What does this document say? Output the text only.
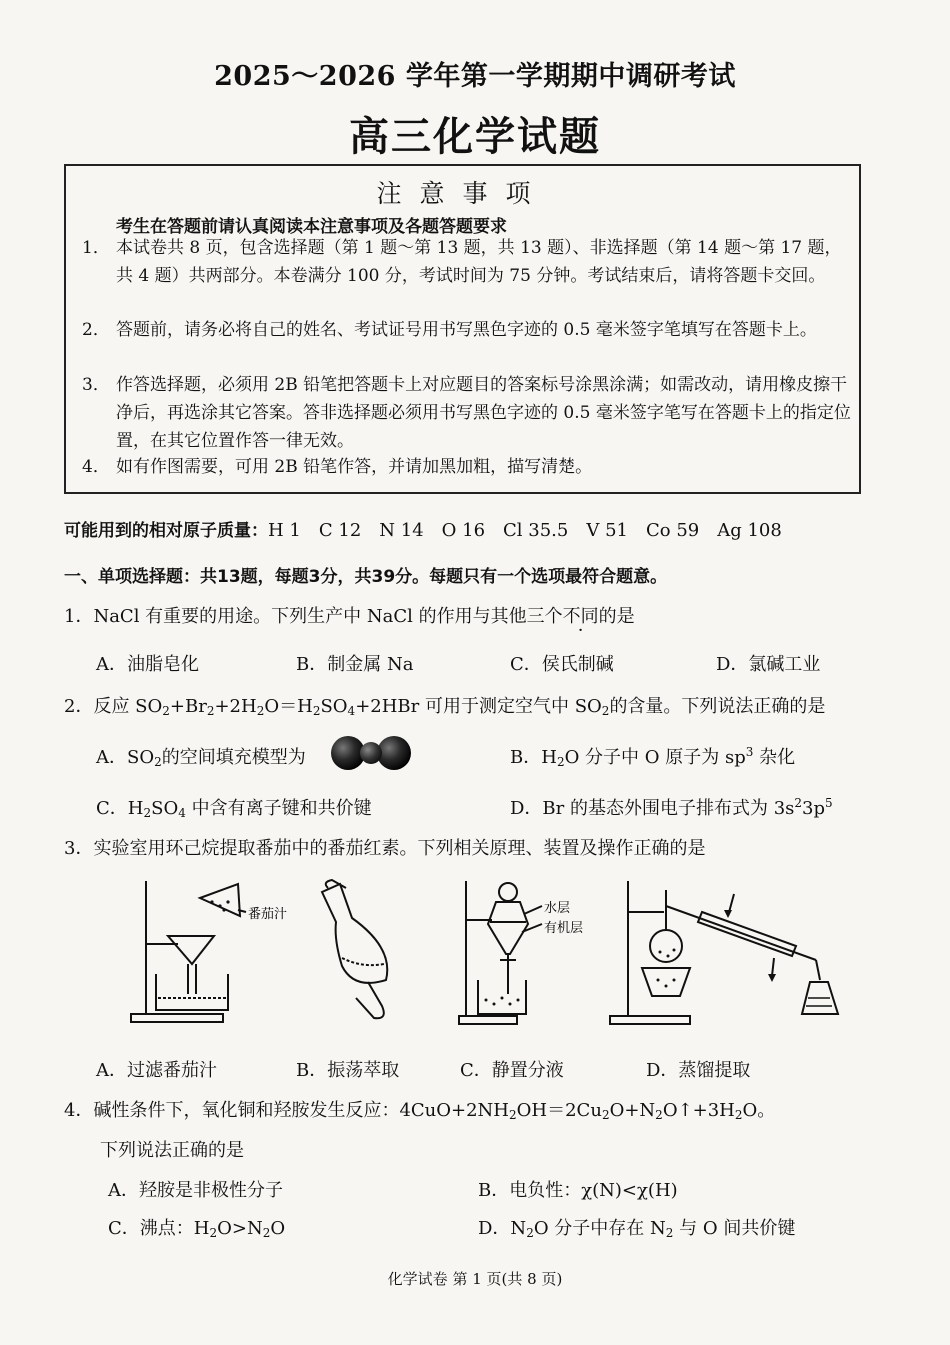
2025～2026 学年第一学期期中调研考试
高三化学试题
注意事项
考生在答题前请认真阅读本注意事项及各题答题要求
1． 本试卷共 8 页，包含选择题（第 1 题～第 13 题，共 13 题）、非选择题（第 14 题～第 17 题，共 4 题）共两部分。本卷满分 100 分，考试时间为 75 分钟。考试结束后，请将答题卡交回。
2． 答题前，请务必将自己的姓名、考试证号用书写黑色字迹的 0.5 毫米签字笔填写在答题卡上。
3． 作答选择题，必须用 2B 铅笔把答题卡上对应题目的答案标号涂黑涂满；如需改动，请用橡皮擦干净后，再选涂其它答案。答非选择题必须用书写黑色字迹的 0.5 毫米签字笔写在答题卡上的指定位置，在其它位置作答一律无效。
4． 如有作图需要，可用 2B 铅笔作答，并请加黑加粗，描写清楚。
可能用到的相对原子质量：H 1　C 12　N 14　O 16　Cl 35.5　V 51　Co 59　Ag 108
一、单项选择题：共13题，每题3分，共39分。每题只有一个选项最符合题意。
1．NaCl 有重要的用途。下列生产中 NaCl 的作用与其他三个不同的是
A．油脂皂化	B．制金属 Na	C．侯氏制碱	D．氯碱工业
2．反应 $SO_2+Br_2+2H_2O=H_2SO_4+2HBr$ 可用于测定空气中 $SO_2$的含量。下列说法正确的是
A．$SO_2$的空间填充模型为	B．$H_2O$ 分子中 O 原子为 $sp^3$ 杂化
C．$H_2SO_4$ 中含有离子键和共价键	D．Br 的基态外围电子排布式为 $3s^23p^5$
3．实验室用环己烷提取番茄中的番茄红素。下列相关原理、装置及操作正确的是
番茄汁	水层
有机层
A．过滤番茄汁	B．振荡萃取	C．静置分液	D．蒸馏提取
4．碱性条件下，氧化铜和羟胺发生反应：$4CuO+2NH_2OH=2Cu_2O+N_2O↑+3H_2O$。
下列说法正确的是
A．羟胺是非极性分子	B．电负性：χ(N)<χ(H)
C．沸点：$H_2O>N_2O$	D．$N_2O$ 分子中存在 $N_2$ 与 O 间共价键
化学试卷 第 1 页(共 8 页)
